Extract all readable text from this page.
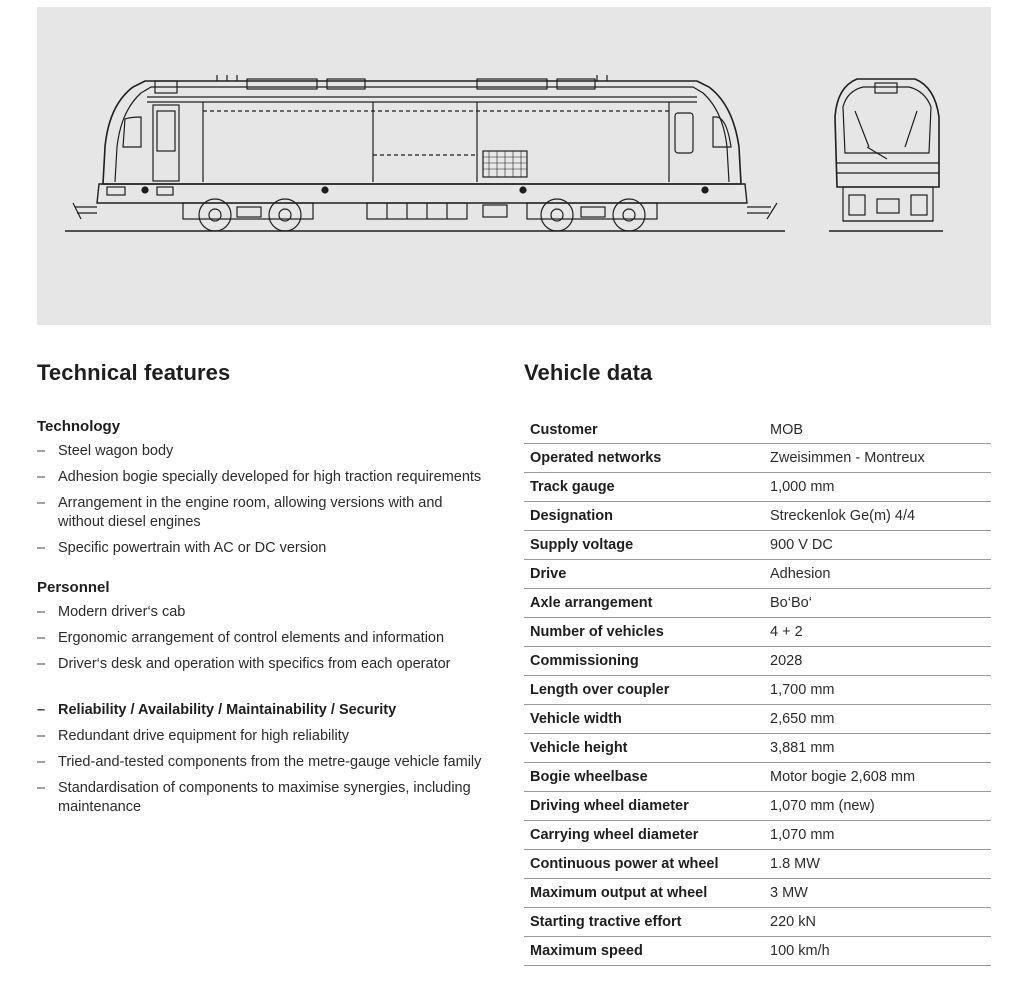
Technical features
Technology
– Steel wagon body
– Adhesion bogie specially developed for high traction requirements
– Arrangement in the engine room, allowing versions with and without diesel engines
– Specific powertrain with AC or DC version
Personnel
– Modern driver‘s cab
– Ergonomic arrangement of control elements and information
– Driver‘s desk and operation with specifics from each operator
– Reliability / Availability / Maintainability / Security
– Redundant drive equipment for high reliability
– Tried-and-tested components from the metre-gauge vehicle family
– Standardisation of components to maximise synergies, including maintenance
Vehicle data
Customer	MOB
Operated networks	Zweisimmen - Montreux
Track gauge	1,000 mm
Designation	Streckenlok Ge(m) 4/4
Supply voltage	900 V DC
Drive	Adhesion
Axle arrangement	Bo‘Bo‘
Number of vehicles	4 + 2
Commissioning	2028
Length over coupler	1,700 mm
Vehicle width	2,650 mm
Vehicle height	3,881 mm
Bogie wheelbase	Motor bogie 2,608 mm
Driving wheel diameter	1,070 mm (new)
Carrying wheel diameter	1,070 mm
Continuous power at wheel	1.8 MW
Maximum output at wheel	3 MW
Starting tractive effort	220 kN
Maximum speed	100 km/h
